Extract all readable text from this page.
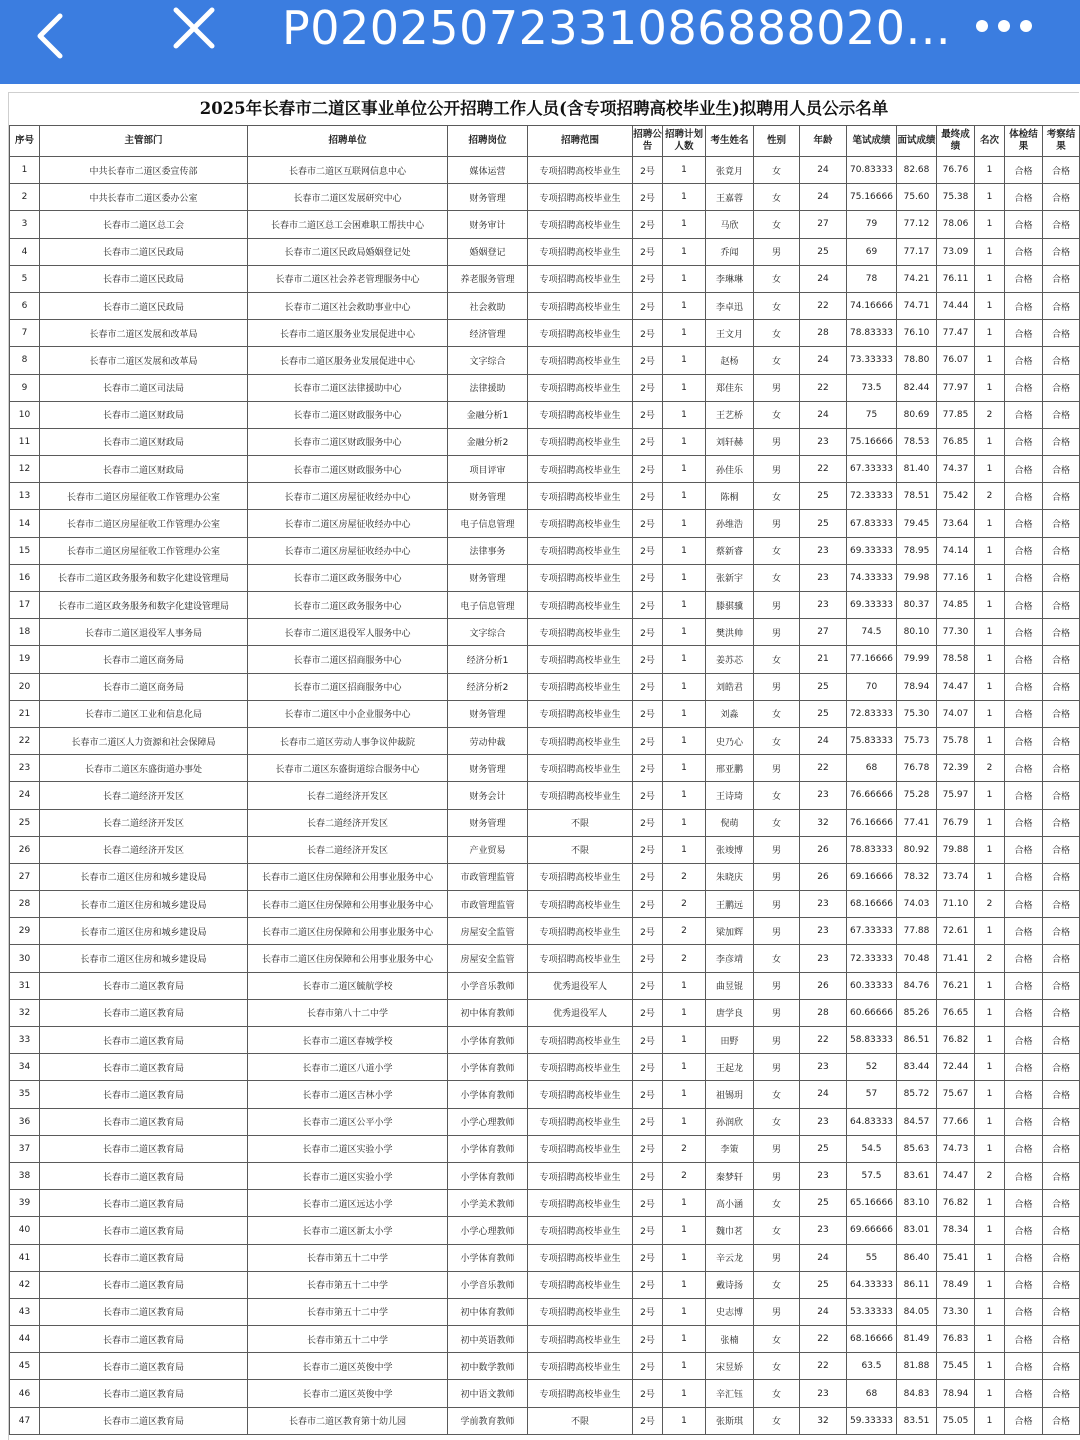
P020250723310868880​20...
2025年长春市二道区事业单位公开招聘工作人员(含专项招聘高校毕业生)拟聘用人员公示名单
序号	主管部门	招聘单位	招聘岗位	招聘范围	招聘公告	招聘计划人数	考生姓名	性别	年龄	笔试成绩	面试成绩	最终成绩	名次	体检结果	考察结果
1	中共长春市二道区委宣传部	长春市二道区互联网信息中心	媒体运营	专项招聘高校毕业生	2号	1	张竟月	女	24	70.83333	82.68	76.76	1	合格	合格
2	中共长春市二道区委办公室	长春市二道区发展研究中心	财务管理	专项招聘高校毕业生	2号	1	王嘉蓉	女	24	75.16666	75.60	75.38	1	合格	合格
3	长春市二道区总工会	长春市二道区总工会困难职工帮扶中心	财务审计	专项招聘高校毕业生	2号	1	马欣	女	27	79	77.12	78.06	1	合格	合格
4	长春市二道区民政局	长春市二道区民政局婚姻登记处	婚姻登记	专项招聘高校毕业生	2号	1	乔闻	男	25	69	77.17	73.09	1	合格	合格
5	长春市二道区民政局	长春市二道区社会养老管理服务中心	养老服务管理	专项招聘高校毕业生	2号	1	李琳琳	女	24	78	74.21	76.11	1	合格	合格
6	长春市二道区民政局	长春市二道区社会救助事业中心	社会救助	专项招聘高校毕业生	2号	1	李卓迅	女	22	74.16666	74.71	74.44	1	合格	合格
7	长春市二道区发展和改革局	长春市二道区服务业发展促进中心	经济管理	专项招聘高校毕业生	2号	1	王文月	女	28	78.83333	76.10	77.47	1	合格	合格
8	长春市二道区发展和改革局	长春市二道区服务业发展促进中心	文字综合	专项招聘高校毕业生	2号	1	赵杨	女	24	73.33333	78.80	76.07	1	合格	合格
9	长春市二道区司法局	长春市二道区法律援助中心	法律援助	专项招聘高校毕业生	2号	1	郑佳东	男	22	73.5	82.44	77.97	1	合格	合格
10	长春市二道区财政局	长春市二道区财政服务中心	金融分析1	专项招聘高校毕业生	2号	1	王艺桥	女	24	75	80.69	77.85	2	合格	合格
11	长春市二道区财政局	长春市二道区财政服务中心	金融分析2	专项招聘高校毕业生	2号	1	刘轩赫	男	23	75.16666	78.53	76.85	1	合格	合格
12	长春市二道区财政局	长春市二道区财政服务中心	项目评审	专项招聘高校毕业生	2号	1	孙佳乐	男	22	67.33333	81.40	74.37	1	合格	合格
13	长春市二道区房屋征收工作管理办公室	长春市二道区房屋征收经办中心	财务管理	专项招聘高校毕业生	2号	1	陈桐	女	25	72.33333	78.51	75.42	2	合格	合格
14	长春市二道区房屋征收工作管理办公室	长春市二道区房屋征收经办中心	电子信息管理	专项招聘高校毕业生	2号	1	孙维浩	男	25	67.83333	79.45	73.64	1	合格	合格
15	长春市二道区房屋征收工作管理办公室	长春市二道区房屋征收经办中心	法律事务	专项招聘高校毕业生	2号	1	蔡新睿	女	23	69.33333	78.95	74.14	1	合格	合格
16	长春市二道区政务服务和数字化建设管理局	长春市二道区政务服务中心	财务管理	专项招聘高校毕业生	2号	1	张新宇	女	23	74.33333	79.98	77.16	1	合格	合格
17	长春市二道区政务服务和数字化建设管理局	长春市二道区政务服务中心	电子信息管理	专项招聘高校毕业生	2号	1	滕骐骥	男	23	69.33333	80.37	74.85	1	合格	合格
18	长春市二道区退役军人事务局	长春市二道区退役军人服务中心	文字综合	专项招聘高校毕业生	2号	1	樊洪帅	男	27	74.5	80.10	77.30	1	合格	合格
19	长春市二道区商务局	长春市二道区招商服务中心	经济分析1	专项招聘高校毕业生	2号	1	姜苏芯	女	21	77.16666	79.99	78.58	1	合格	合格
20	长春市二道区商务局	长春市二道区招商服务中心	经济分析2	专项招聘高校毕业生	2号	1	刘皓君	男	25	70	78.94	74.47	1	合格	合格
21	长春市二道区工业和信息化局	长春市二道区中小企业服务中心	财务管理	专项招聘高校毕业生	2号	1	刘淼	女	25	72.83333	75.30	74.07	1	合格	合格
22	长春市二道区人力资源和社会保障局	长春市二道区劳动人事争议仲裁院	劳动仲裁	专项招聘高校毕业生	2号	1	史乃心	女	24	75.83333	75.73	75.78	1	合格	合格
23	长春市二道区东盛街道办事处	长春市二道区东盛街道综合服务中心	财务管理	专项招聘高校毕业生	2号	1	邢亚鹏	男	22	68	76.78	72.39	2	合格	合格
24	长春二道经济开发区	长春二道经济开发区	财务会计	专项招聘高校毕业生	2号	1	王诗琦	女	23	76.66666	75.28	75.97	1	合格	合格
25	长春二道经济开发区	长春二道经济开发区	财务管理	不限	2号	1	倪萌	女	32	76.16666	77.41	76.79	1	合格	合格
26	长春二道经济开发区	长春二道经济开发区	产业贸易	不限	2号	1	张竣博	男	26	78.83333	80.92	79.88	1	合格	合格
27	长春市二道区住房和城乡建设局	长春市二道区住房保障和公用事业服务中心	市政管理监管	专项招聘高校毕业生	2号	2	朱晓庆	男	26	69.16666	78.32	73.74	1	合格	合格
28	长春市二道区住房和城乡建设局	长春市二道区住房保障和公用事业服务中心	市政管理监管	专项招聘高校毕业生	2号	2	王鹏远	男	23	68.16666	74.03	71.10	2	合格	合格
29	长春市二道区住房和城乡建设局	长春市二道区住房保障和公用事业服务中心	房屋安全监管	专项招聘高校毕业生	2号	2	梁加辉	男	23	67.33333	77.88	72.61	1	合格	合格
30	长春市二道区住房和城乡建设局	长春市二道区住房保障和公用事业服务中心	房屋安全监管	专项招聘高校毕业生	2号	2	李彦靖	女	23	72.33333	70.48	71.41	2	合格	合格
31	长春市二道区教育局	长春市二道区毓航学校	小学音乐教师	优秀退役军人	2号	1	曲昱锟	男	26	60.33333	84.76	76.21	1	合格	合格
32	长春市二道区教育局	长春市第八十二中学	初中体育教师	优秀退役军人	2号	1	唐学良	男	28	60.66666	85.26	76.65	1	合格	合格
33	长春市二道区教育局	长春市二道区春城学校	小学体育教师	专项招聘高校毕业生	2号	1	田野	男	22	58.83333	86.51	76.82	1	合格	合格
34	长春市二道区教育局	长春市二道区八道小学	小学体育教师	专项招聘高校毕业生	2号	1	王起龙	男	23	52	83.44	72.44	1	合格	合格
35	长春市二道区教育局	长春市二道区吉林小学	小学体育教师	专项招聘高校毕业生	2号	1	祖锡玥	女	24	57	85.72	75.67	1	合格	合格
36	长春市二道区教育局	长春市二道区公平小学	小学心理教师	专项招聘高校毕业生	2号	1	孙润欣	女	23	64.83333	84.57	77.66	1	合格	合格
37	长春市二道区教育局	长春市二道区实验小学	小学体育教师	专项招聘高校毕业生	2号	2	李策	男	25	54.5	85.63	74.73	1	合格	合格
38	长春市二道区教育局	长春市二道区实验小学	小学体育教师	专项招聘高校毕业生	2号	2	秦梦轩	男	23	57.5	83.61	74.47	2	合格	合格
39	长春市二道区教育局	长春市二道区远达小学	小学美术教师	专项招聘高校毕业生	2号	1	高小涵	女	25	65.16666	83.10	76.82	1	合格	合格
40	长春市二道区教育局	长春市二道区新太小学	小学心理教师	专项招聘高校毕业生	2号	1	魏巾茗	女	23	69.66666	83.01	78.34	1	合格	合格
41	长春市二道区教育局	长春市第五十二中学	小学体育教师	专项招聘高校毕业生	2号	1	辛云龙	男	24	55	86.40	75.41	1	合格	合格
42	长春市二道区教育局	长春市第五十二中学	小学音乐教师	专项招聘高校毕业生	2号	1	戴诗扬	女	25	64.33333	86.11	78.49	1	合格	合格
43	长春市二道区教育局	长春市第五十二中学	初中体育教师	专项招聘高校毕业生	2号	1	史志博	男	24	53.33333	84.05	73.30	1	合格	合格
44	长春市二道区教育局	长春市第五十二中学	初中英语教师	专项招聘高校毕业生	2号	1	张楠	女	22	68.16666	81.49	76.83	1	合格	合格
45	长春市二道区教育局	长春市二道区英俊中学	初中数学教师	专项招聘高校毕业生	2号	1	宋昱娇	女	22	63.5	81.88	75.45	1	合格	合格
46	长春市二道区教育局	长春市二道区英俊中学	初中语文教师	专项招聘高校毕业生	2号	1	辛汇钰	女	23	68	84.83	78.94	1	合格	合格
47	长春市二道区教育局	长春市二道区教育第十幼儿园	学前教育教师	不限	2号	1	张斯琪	女	32	59.33333	83.51	75.05	1	合格	合格
